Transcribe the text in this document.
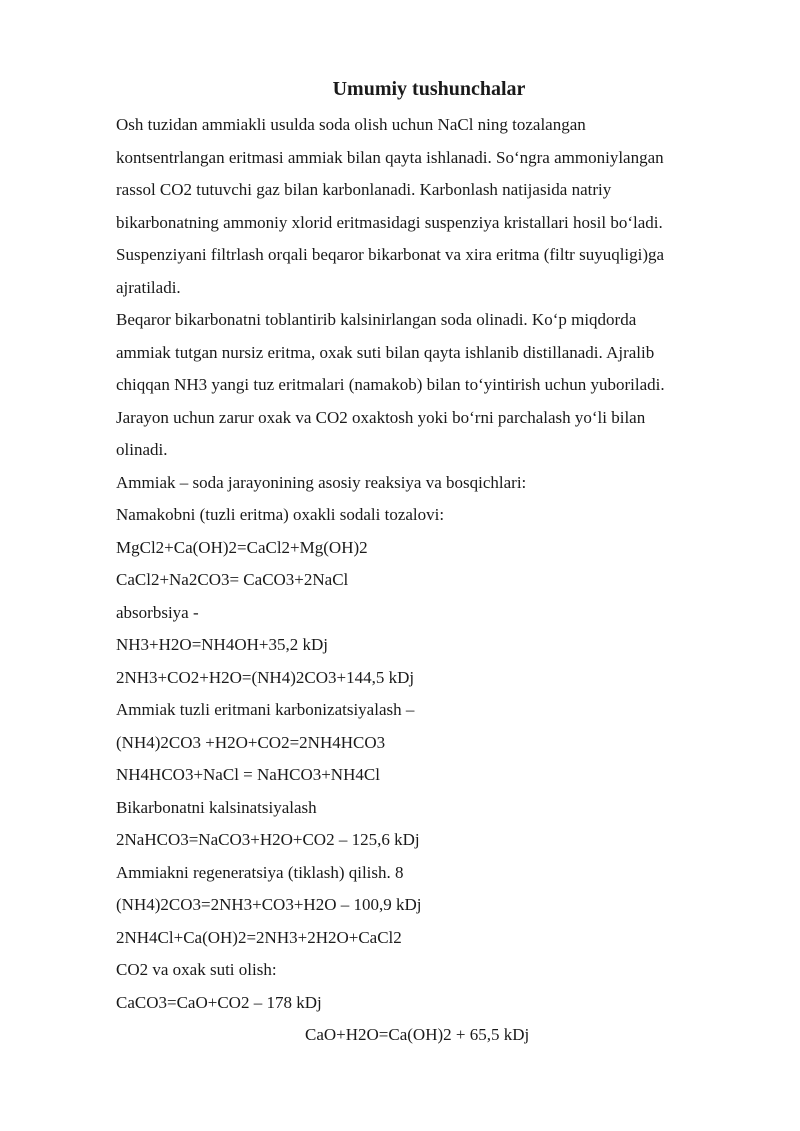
Umumiy tushunchalar

Osh tuzidan ammiakli usulda soda olish uchun NaCl ning tozalangan

kontsentrlangan eritmasi ammiak bilan qayta ishlanadi. So‘ngra ammoniylangan

rassol CO2 tutuvchi gaz bilan karbonlanadi. Karbonlash natijasida natriy

bikarbonatning ammoniy xlorid eritmasidagi suspenziya kristallari hosil bo‘ladi.

Suspenziyani filtrlash orqali beqaror bikarbonat va xira eritma (filtr suyuqligi)ga

ajratiladi.

Beqaror bikarbonatni toblantirib kalsinirlangan soda olinadi. Ko‘p miqdorda

ammiak tutgan nursiz eritma, oxak suti bilan qayta ishlanib distillanadi. Ajralib

chiqqan NH3 yangi tuz eritmalari (namakob) bilan to‘yintirish uchun yuboriladi.

Jarayon uchun zarur oxak va CO2 oxaktosh yoki bo‘rni parchalash yo‘li bilan

olinadi.

Ammiak – soda jarayonining asosiy reaksiya va bosqichlari:

Namakobni (tuzli eritma) oxakli sodali tozalovi:

MgCl2+Ca(OH)2=CaCl2+Mg(OH)2

CaCl2+Na2CO3= CaCO3+2NaCl

absorbsiya -

NH3+H2O=NH4OH+35,2 kDj

2NH3+CO2+H2O=(NH4)2CO3+144,5 kDj

Ammiak tuzli eritmani karbonizatsiyalash –

(NH4)2CO3 +H2O+CO2=2NH4HCO3

NH4HCO3+NaCl = NaHCO3+NH4Cl

Bikarbonatni kalsinatsiyalash

2NaHCO3=NaCO3+H2O+CO2 – 125,6 kDj

Ammiakni regeneratsiya (tiklash) qilish. 8

(NH4)2CO3=2NH3+CO3+H2O – 100,9 kDj

2NH4Cl+Ca(OH)2=2NH3+2H2O+CaCl2

CO2 va oxak suti olish:

CaCO3=CaO+CO2 – 178 kDj

CaO+H2O=Ca(OH)2 + 65,5 kDj
